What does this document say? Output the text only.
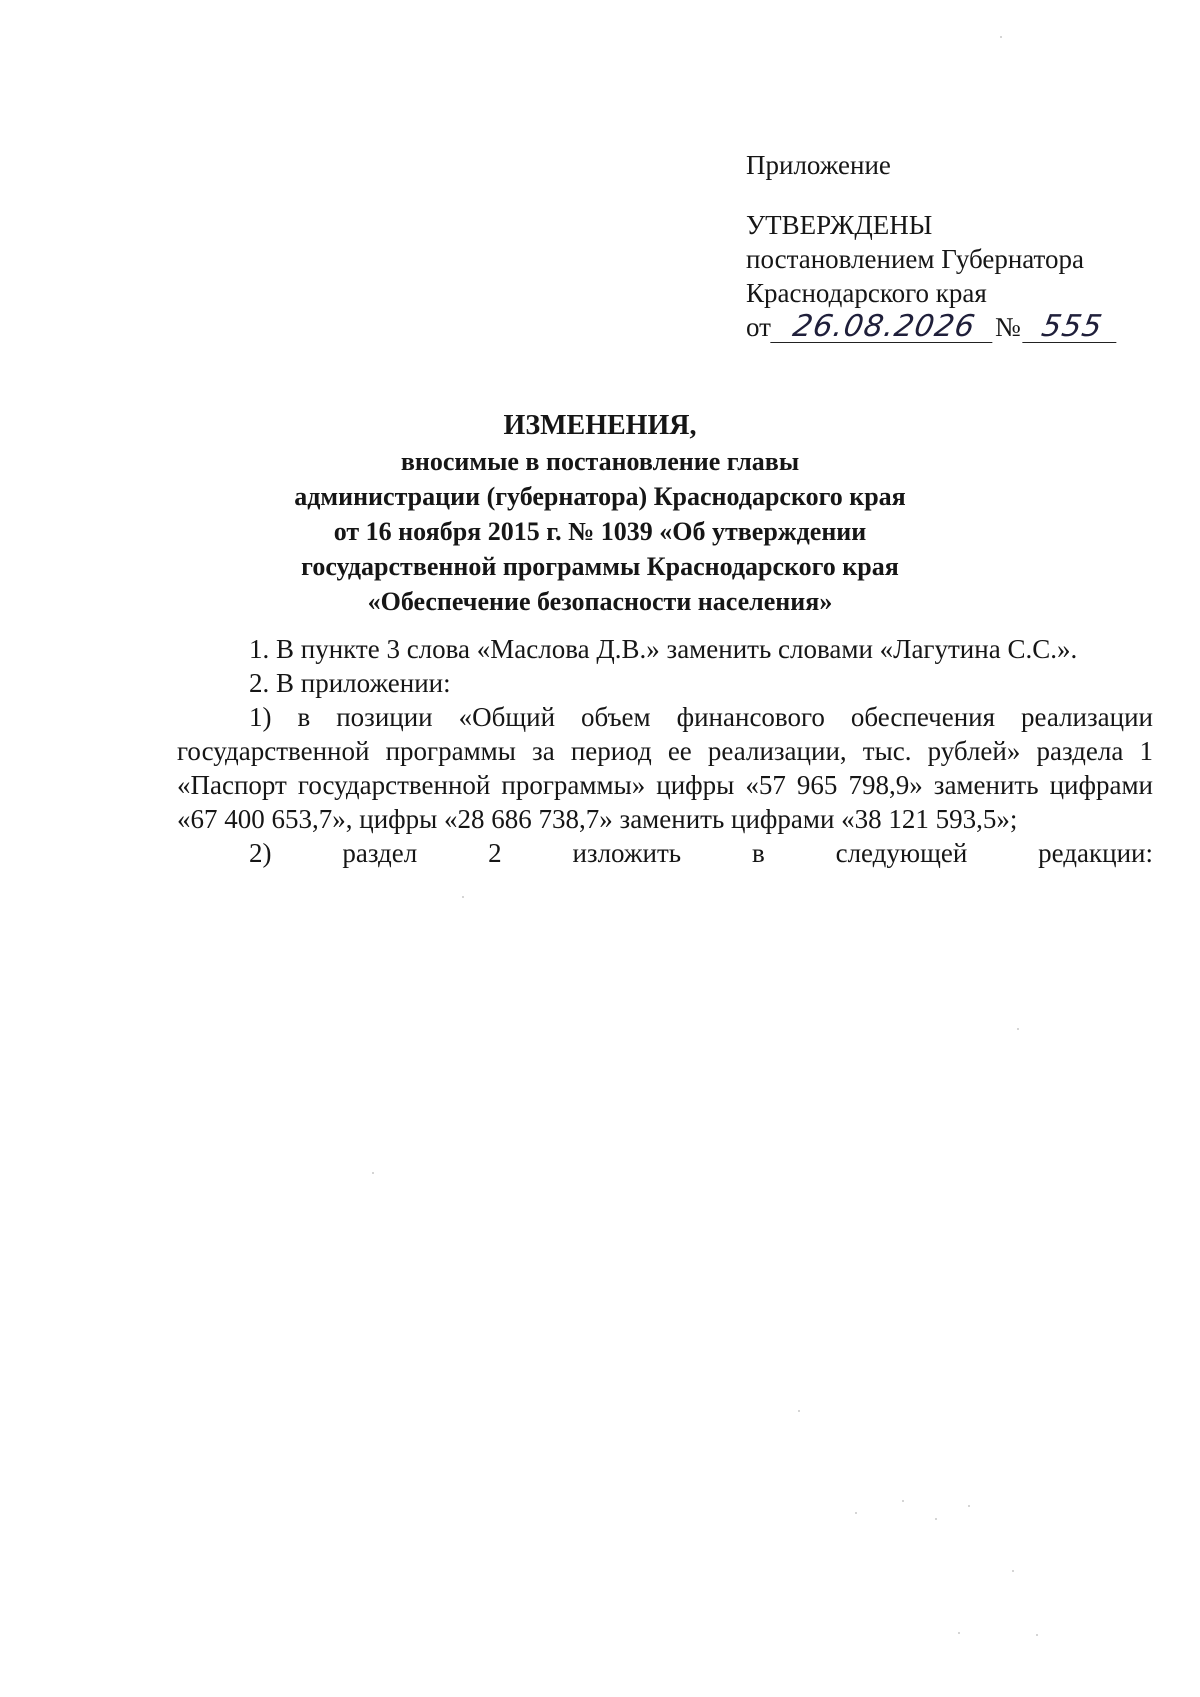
Приложение
УТВЕРЖДЕНЫ
постановлением Губернатора
Краснодарского края
от 26.08.2026 № 555
ИЗМЕНЕНИЯ,
вносимые в постановление главы
администрации (губернатора) Краснодарского края
от 16 ноября 2015 г. № 1039 «Об утверждении
государственной программы Краснодарского края
«Обеспечение безопасности населения»

1. В пункте 3 слова «Маслова Д.В.» заменить словами «Лагутина С.С.».

2. В приложении:

1) в позиции «Общий объем финансового обеспечения реализации государственной программы за период ее реализации, тыс. рублей» раздела 1 «Паспорт государственной программы» цифры «57 965 798,9» заменить цифрами «67 400 653,7», цифры «28 686 738,7» заменить цифрами «38 121 593,5»;

2) раздел 2 изложить в следующей редакции:
